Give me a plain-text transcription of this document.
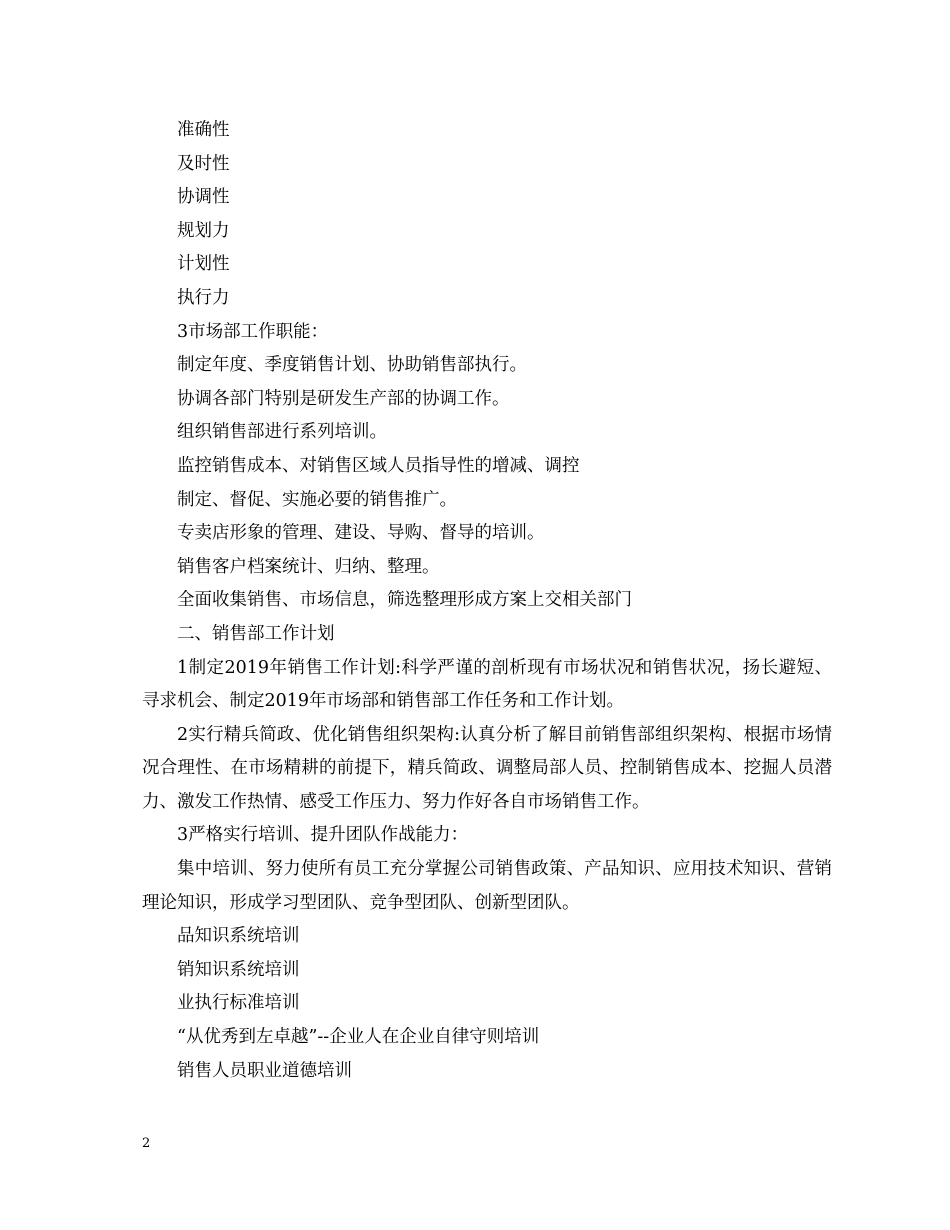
准确性

及时性

协调性

规划力

计划性

执行力

3市场部工作职能：

制定年度、季度销售计划、协助销售部执行。

协调各部门特别是研发生产部的协调工作。

组织销售部进行系列培训。

监控销售成本、对销售区域人员指导性的增减、调控

制定、督促、实施必要的销售推广。

专卖店形象的管理、建设、导购、督导的培训。

销售客户档案统计、归纳、整理。

全面收集销售、市场信息，筛选整理形成方案上交相关部门

二、销售部工作计划

1制定2019年销售工作计划:科学严谨的剖析现有市场状况和销售状况，扬长避短、寻求机会、制定2019年市场部和销售部工作任务和工作计划。

2实行精兵简政、优化销售组织架构:认真分析了解目前销售部组织架构、根据市场情况合理性、在市场精耕的前提下，精兵简政、调整局部人员、控制销售成本、挖掘人员潜力、激发工作热情、感受工作压力、努力作好各自市场销售工作。

3严格实行培训、提升团队作战能力：

集中培训、努力使所有员工充分掌握公司销售政策、产品知识、应用技术知识、营销理论知识，形成学习型团队、竞争型团队、创新型团队。

品知识系统培训

销知识系统培训

业执行标准培训

“从优秀到左卓越”--企业人在企业自律守则培训

销售人员职业道德培训

2
